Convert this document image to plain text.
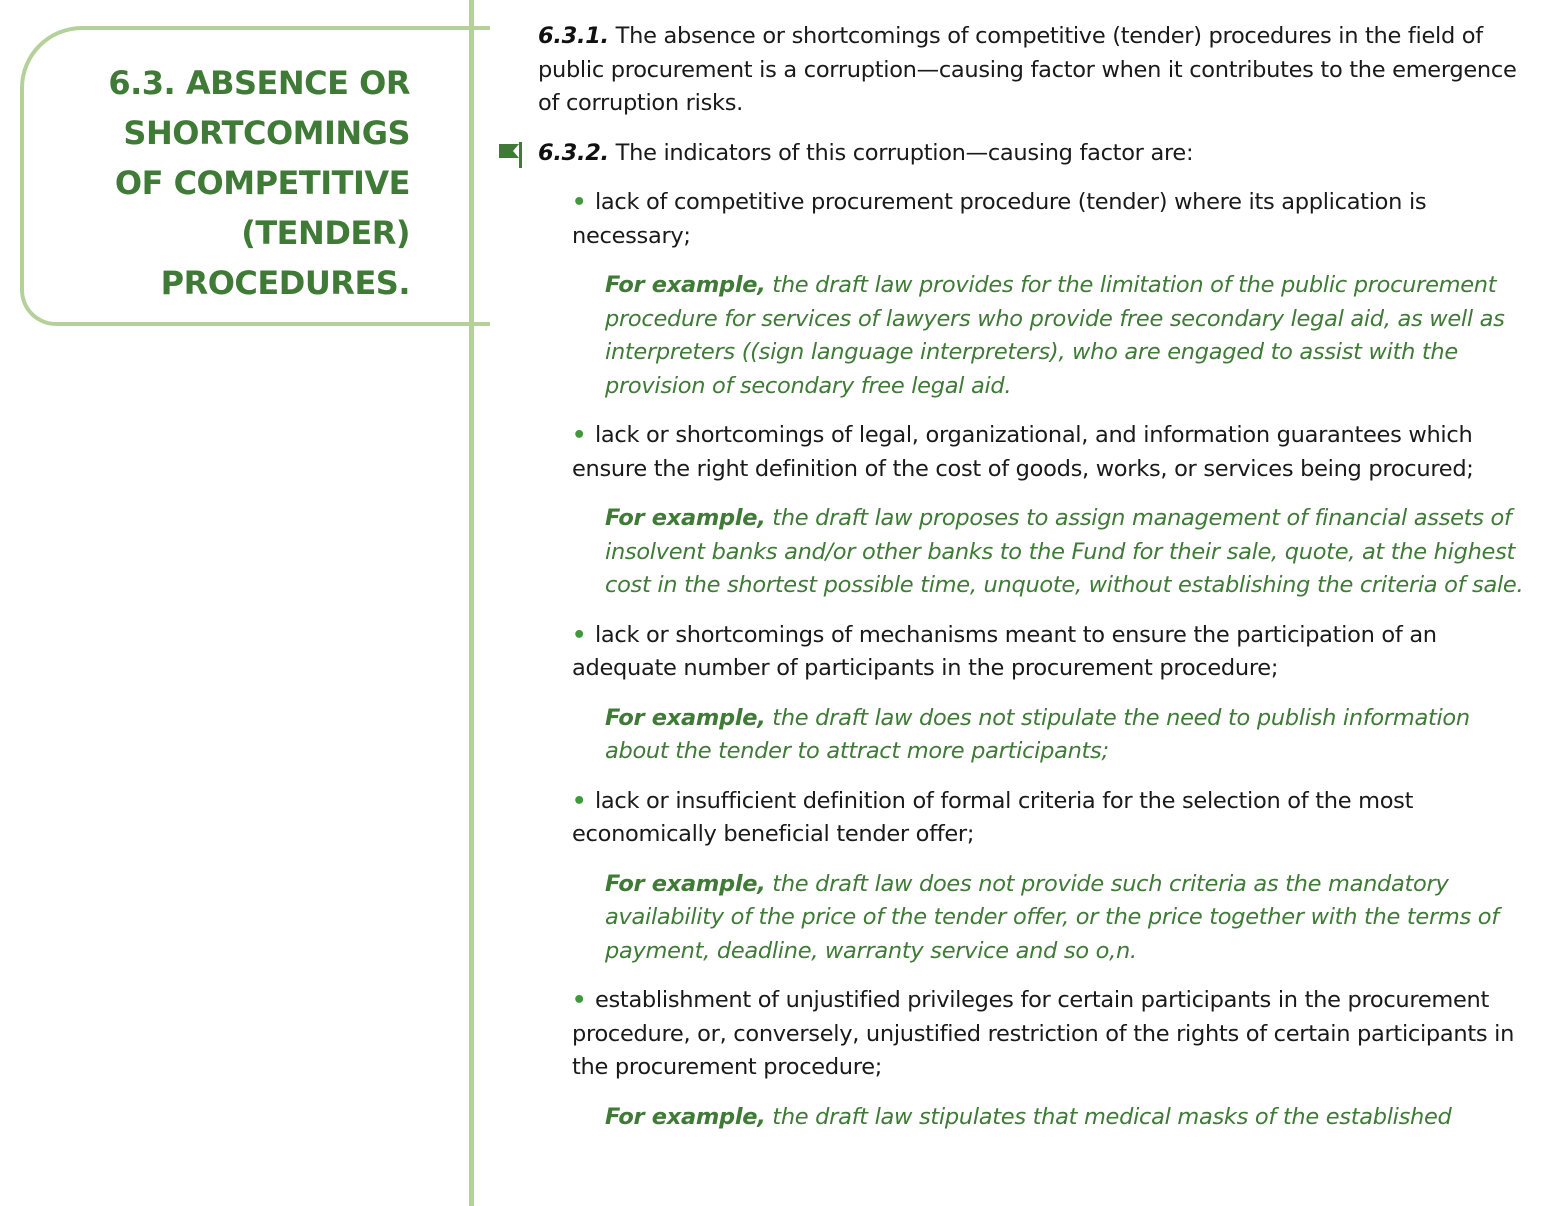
6.3. ABSENCE OR
SHORTCOMINGS
OF COMPETITIVE
(TENDER)
PROCEDURES.

6.3.1. The absence or shortcomings of competitive (tender) procedures in the field of public procurement is a corruption—causing factor when it contributes to the emergence of corruption risks.

6.3.2. The indicators of this corruption—causing factor are:

• lack of competitive procurement procedure (tender) where its application is necessary;
For example, the draft law provides for the limitation of the public procurement procedure for services of lawyers who provide free secondary legal aid, as well as interpreters ((sign language interpreters), who are engaged to assist with the provision of secondary free legal aid.
• lack or shortcomings of legal, organizational, and information guarantees which ensure the right definition of the cost of goods, works, or services being procured;
For example, the draft law proposes to assign management of financial assets of insolvent banks and/or other banks to the Fund for their sale, quote, at the highest cost in the shortest possible time, unquote, without establishing the criteria of sale.
• lack or shortcomings of mechanisms meant to ensure the participation of an adequate number of participants in the procurement procedure;
For example, the draft law does not stipulate the need to publish information about the tender to attract more participants;
• lack or insufficient definition of formal criteria for the selection of the most economically beneficial tender offer;
For example, the draft law does not provide such criteria as the mandatory availability of the price of the tender offer, or the price together with the terms of payment, deadline, warranty service and so o,n.
• establishment of unjustified privileges for certain participants in the procurement procedure, or, conversely, unjustified restriction of the rights of certain participants in the procurement procedure;
For example, the draft law stipulates that medical masks of the established
